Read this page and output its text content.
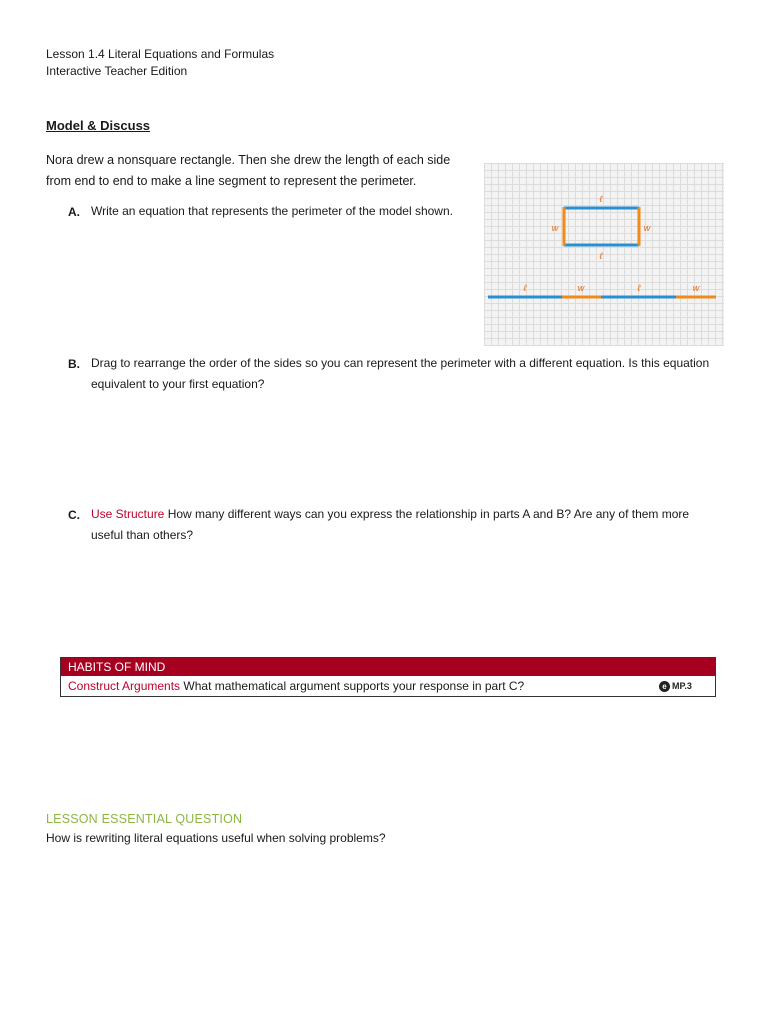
Lesson 1.4 Literal Equations and Formulas
Interactive Teacher Edition
Model & Discuss
Nora drew a nonsquare rectangle. Then she drew the length of each side from end to end to make a line segment to represent the perimeter.
A. Write an equation that represents the perimeter of the model shown.
ℓ
ℓ
w	w
ℓ	w	ℓ	w
B. Drag to rearrange the order of the sides so you can represent the perimeter with a different equation. Is this equation equivalent to your first equation?
C. Use Structure How many different ways can you express the relationship in parts A and B? Are any of them more useful than others?
HABITS OF MIND
Construct Arguments What mathematical argument supports your response in part C?	e MP.3
LESSON ESSENTIAL QUESTION
How is rewriting literal equations useful when solving problems?
